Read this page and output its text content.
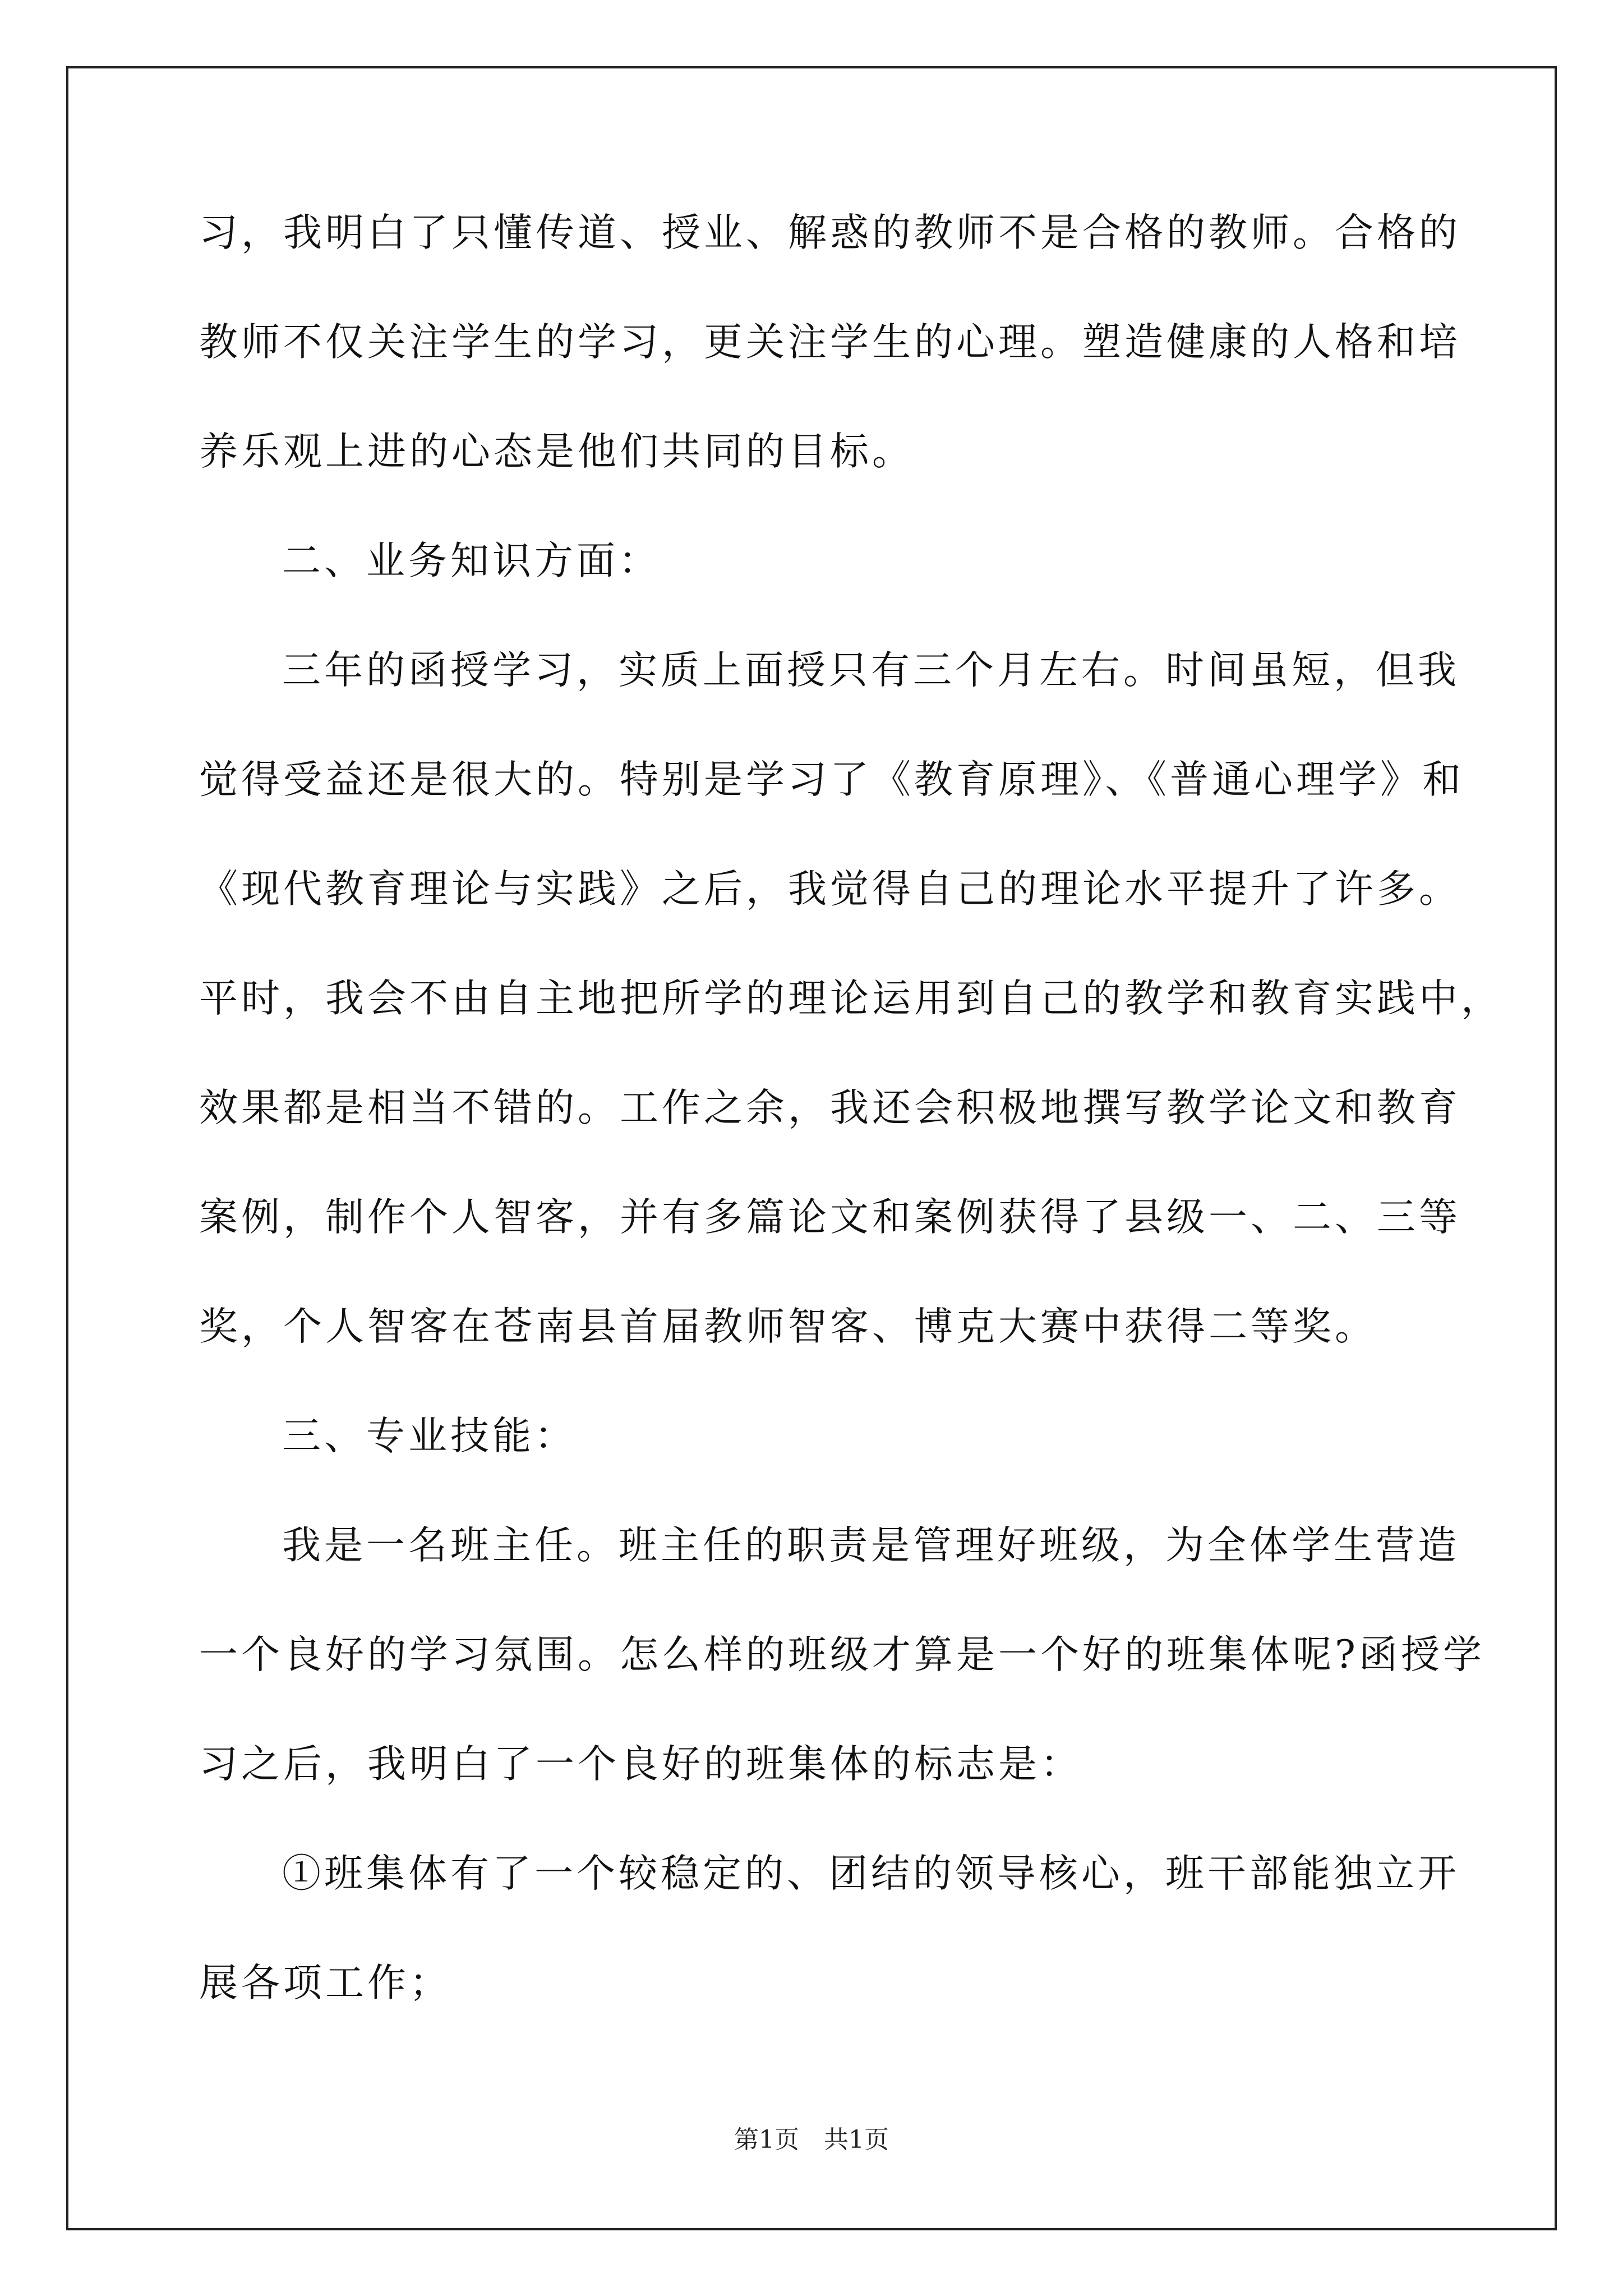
习，我明白了只懂传道、授业、解惑的教师不是合格的教师。合格的
教师不仅关注学生的学习，更关注学生的心理。塑造健康的人格和培
养乐观上进的心态是他们共同的目标。
二、业务知识方面：
三年的函授学习，实质上面授只有三个月左右。时间虽短，但我
觉得受益还是很大的。特别是学习了《教育原理》、《普通心理学》和
《现代教育理论与实践》之后，我觉得自己的理论水平提升了许多。
平时，我会不由自主地把所学的理论运用到自己的教学和教育实践中，
效果都是相当不错的。工作之余，我还会积极地撰写教学论文和教育
案例，制作个人智客，并有多篇论文和案例获得了县级一、二、三等
奖，个人智客在苍南县首届教师智客、博克大赛中获得二等奖。
三、专业技能：
我是一名班主任。班主任的职责是管理好班级，为全体学生营造
一个良好的学习氛围。怎么样的班级才算是一个好的班集体呢?函授学
习之后，我明白了一个良好的班集体的标志是：
①班集体有了一个较稳定的、团结的领导核心，班干部能独立开
展各项工作；
第1页　共1页
